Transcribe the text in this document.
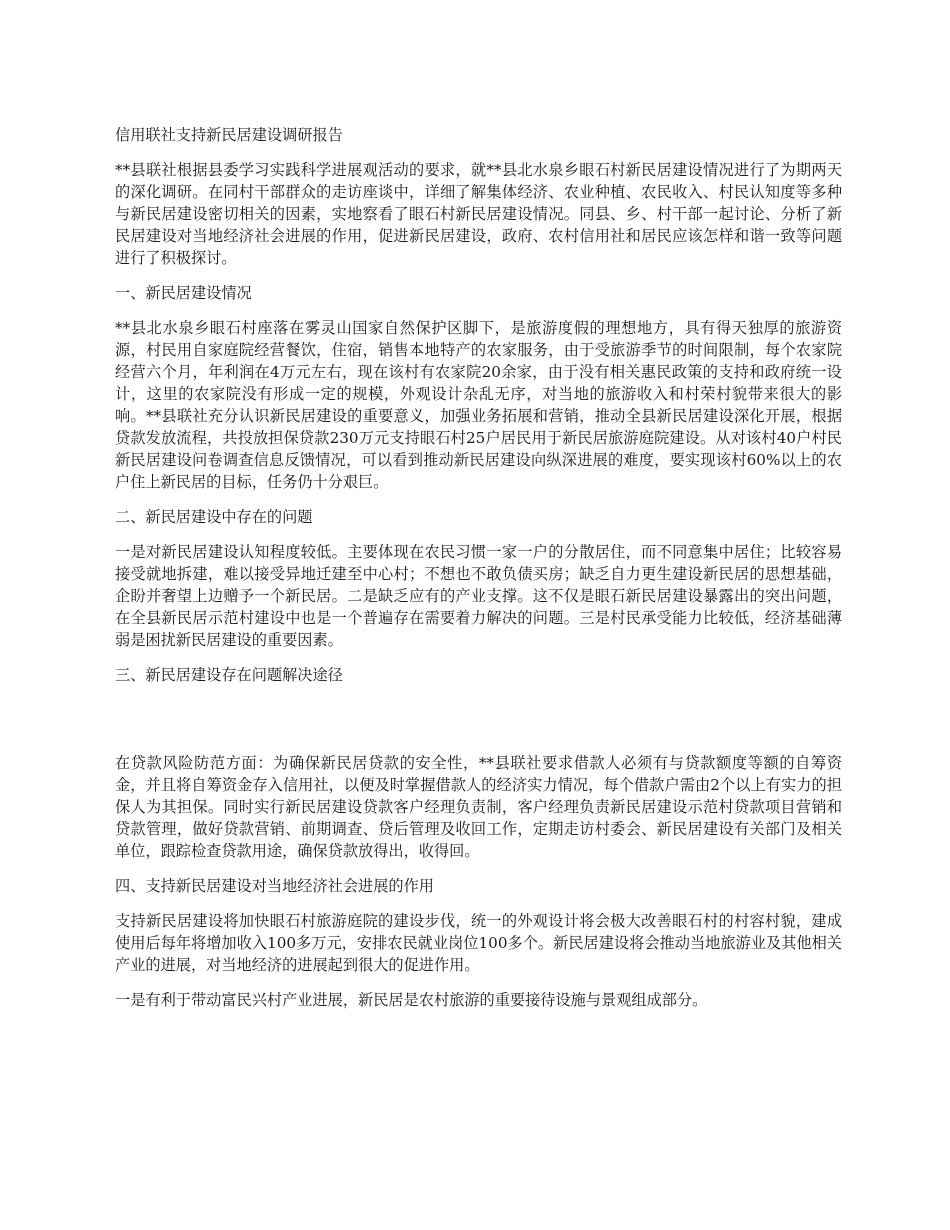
信用联社支持新民居建设调研报告

**县联社根据县委学习实践科学进展观活动的要求，就**县北水泉乡眼石村新民居建设情况进行了为期两天的深化调研。在同村干部群众的走访座谈中，详细了解集体经济、农业种植、农民收入、村民认知度等多种与新民居建设密切相关的因素，实地察看了眼石村新民居建设情况。同县、乡、村干部一起讨论、分析了新民居建设对当地经济社会进展的作用，促进新民居建设，政府、农村信用社和居民应该怎样和谐一致等问题进行了积极探讨。

一、新民居建设情况

**县北水泉乡眼石村座落在雾灵山国家自然保护区脚下，是旅游度假的理想地方，具有得天独厚的旅游资源，村民用自家庭院经营餐饮，住宿，销售本地特产的农家服务，由于受旅游季节的时间限制，每个农家院经营六个月，年利润在4万元左右，现在该村有农家院20余家，由于没有相关惠民政策的支持和政府统一设计，这里的农家院没有形成一定的规模，外观设计杂乱无序，对当地的旅游收入和村荣村貌带来很大的影响。**县联社充分认识新民居建设的重要意义，加强业务拓展和营销，推动全县新民居建设深化开展，根据贷款发放流程，共投放担保贷款230万元支持眼石村25户居民用于新民居旅游庭院建设。从对该村40户村民新民居建设问卷调查信息反馈情况，可以看到推动新民居建设向纵深进展的难度，要实现该村60%以上的农户住上新民居的目标，任务仍十分艰巨。

二、新民居建设中存在的问题

一是对新民居建设认知程度较低。主要体现在农民习惯一家一户的分散居住，而不同意集中居住；比较容易接受就地拆建，难以接受异地迁建至中心村；不想也不敢负债买房；缺乏自力更生建设新民居的思想基础，企盼并奢望上边赠予一个新民居。二是缺乏应有的产业支撑。这不仅是眼石新民居建设暴露出的突出问题，在全县新民居示范村建设中也是一个普遍存在需要着力解决的问题。三是村民承受能力比较低，经济基础薄弱是困扰新民居建设的重要因素。

三、新民居建设存在问题解决途径

在贷款风险防范方面：为确保新民居贷款的安全性，**县联社要求借款人必须有与贷款额度等额的自筹资金，并且将自筹资金存入信用社，以便及时掌握借款人的经济实力情况，每个借款户需由2个以上有实力的担保人为其担保。同时实行新民居建设贷款客户经理负责制，客户经理负责新民居建设示范村贷款项目营销和贷款管理，做好贷款营销、前期调查、贷后管理及收回工作，定期走访村委会、新民居建设有关部门及相关单位，跟踪检查贷款用途，确保贷款放得出，收得回。

四、支持新民居建设对当地经济社会进展的作用

支持新民居建设将加快眼石村旅游庭院的建设步伐，统一的外观设计将会极大改善眼石村的村容村貌，建成使用后每年将增加收入100多万元，安排农民就业岗位100多个。新民居建设将会推动当地旅游业及其他相关产业的进展，对当地经济的进展起到很大的促进作用。

一是有利于带动富民兴村产业进展，新民居是农村旅游的重要接待设施与景观组成部分。
